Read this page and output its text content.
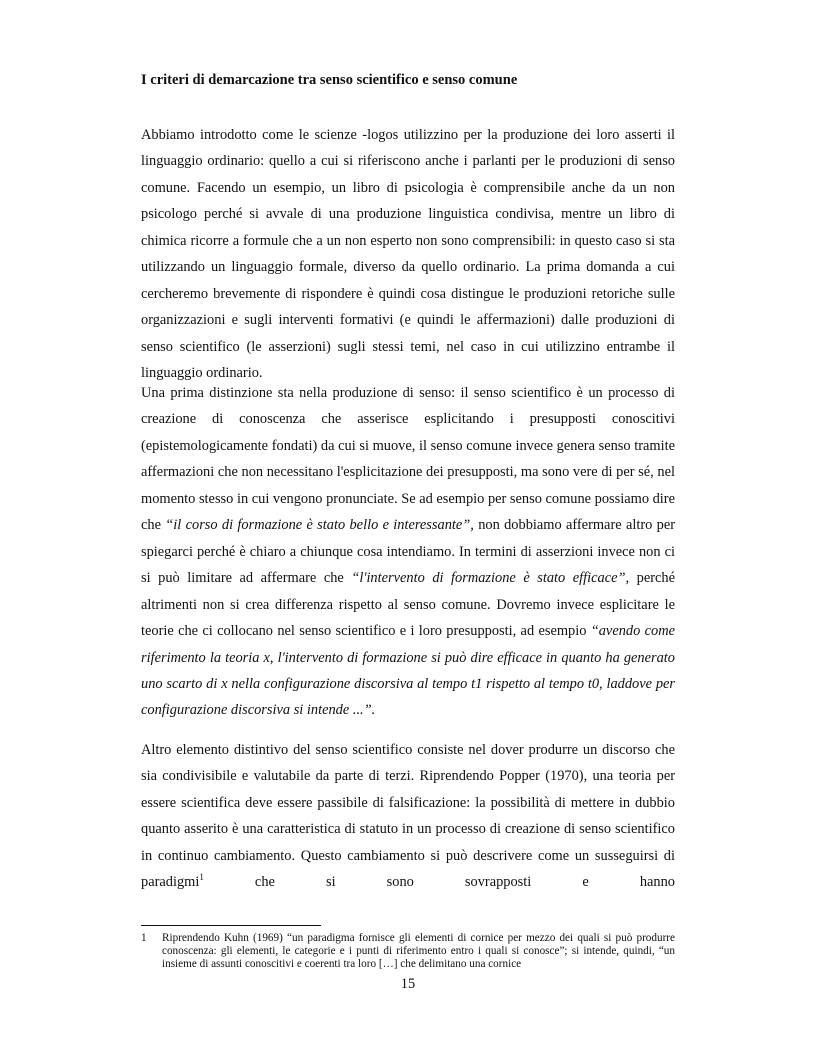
I criteri di demarcazione tra senso scientifico e senso comune

Abbiamo introdotto come le scienze -logos utilizzino per la produzione dei loro asserti il linguaggio ordinario: quello a cui si riferiscono anche i parlanti per le produzioni di senso comune. Facendo un esempio, un libro di psicologia è comprensibile anche da un non psicologo perché si avvale di una produzione linguistica condivisa, mentre un libro di chimica ricorre a formule che a un non esperto non sono comprensibili: in questo caso si sta utilizzando un linguaggio formale, diverso da quello ordinario. La prima domanda a cui cercheremo brevemente di rispondere è quindi cosa distingue le produzioni retoriche sulle organizzazioni e sugli interventi formativi (e quindi le affermazioni) dalle produzioni di senso scientifico (le asserzioni) sugli stessi temi, nel caso in cui utilizzino entrambe il linguaggio ordinario.

Una prima distinzione sta nella produzione di senso: il senso scientifico è un processo di creazione di conoscenza che asserisce esplicitando i presupposti conoscitivi (epistemologicamente fondati) da cui si muove, il senso comune invece genera senso tramite affermazioni che non necessitano l'esplicitazione dei presupposti, ma sono vere di per sé, nel momento stesso in cui vengono pronunciate. Se ad esempio per senso comune possiamo dire che “il corso di formazione è stato bello e interessante”, non dobbiamo affermare altro per spiegarci perché è chiaro a chiunque cosa intendiamo. In termini di asserzioni invece non ci si può limitare ad affermare che “l'intervento di formazione è stato efficace”, perché altrimenti non si crea differenza rispetto al senso comune. Dovremo invece esplicitare le teorie che ci collocano nel senso scientifico e i loro presupposti, ad esempio “avendo come riferimento la teoria x, l'intervento di formazione si può dire efficace in quanto ha generato uno scarto di x nella configurazione discorsiva al tempo t1 rispetto al tempo t0, laddove per configurazione discorsiva si intende ...”.

Altro elemento distintivo del senso scientifico consiste nel dover produrre un discorso che sia condivisibile e valutabile da parte di terzi. Riprendendo Popper (1970), una teoria per essere scientifica deve essere passibile di falsificazione: la possibilità di mettere in dubbio quanto asserito è una caratteristica di statuto in un processo di creazione di senso scientifico in continuo cambiamento. Questo cambiamento si può descrivere come un susseguirsi di paradigmi$^1$ che si sono sovrapposti e hanno

1	Riprendendo Kuhn (1969) “un paradigma fornisce gli elementi di cornice per mezzo dei quali si può produrre conoscenza: gli elementi, le categorie e i punti di riferimento entro i quali si conosce”; si intende, quindi, “un insieme di assunti conoscitivi e coerenti tra loro […] che delimitano una cornice

15
